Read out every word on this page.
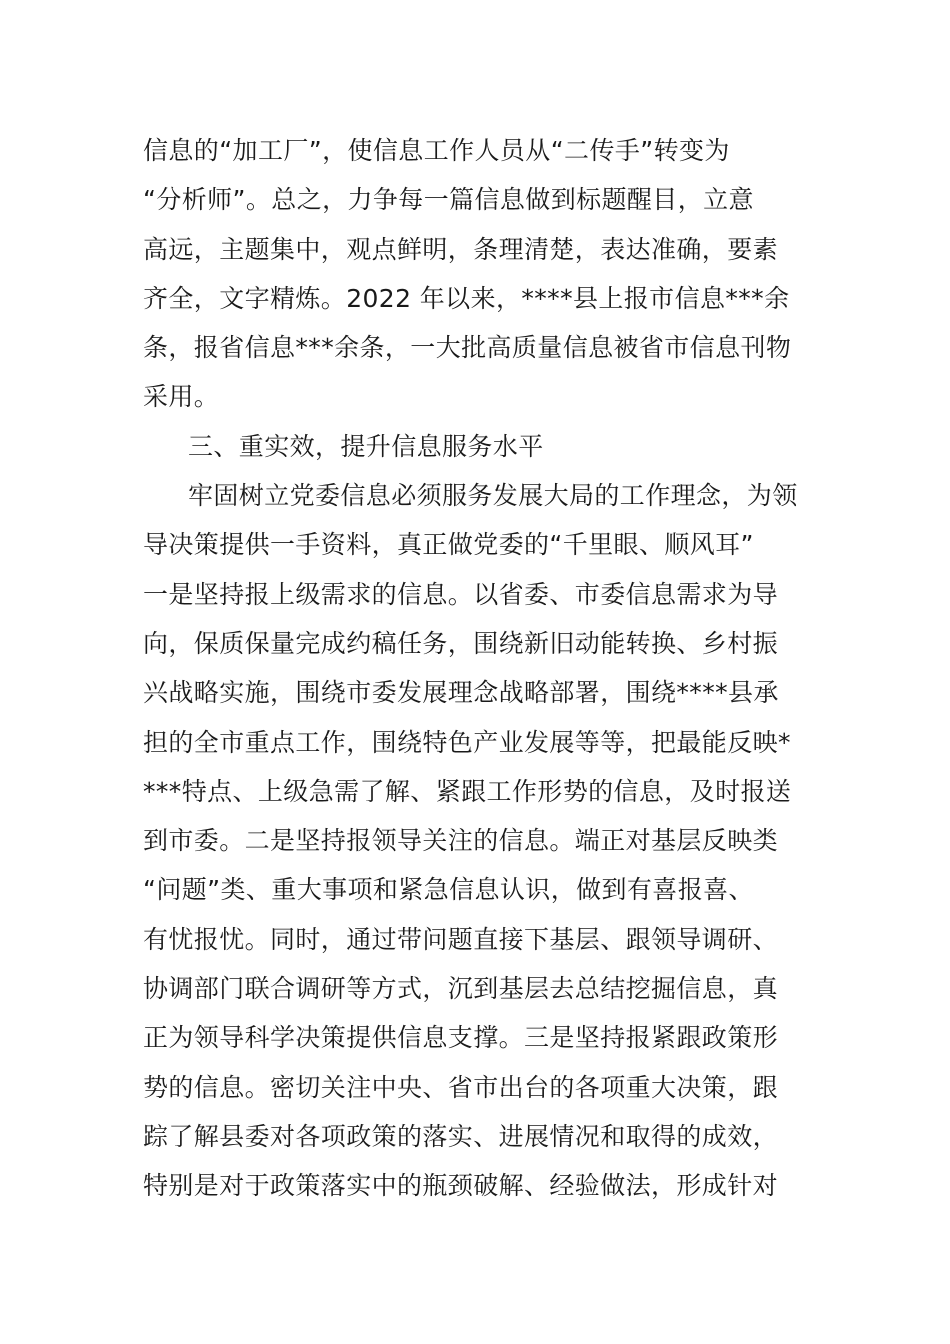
信息的“加工厂”，使信息工作人员从“二传手”转变为
“分析师”。总之，力争每一篇信息做到标题醒目，立意
高远，主题集中，观点鲜明，条理清楚，表达准确，要素
齐全，文字精炼。2022 年以来，****县上报市信息***余
条，报省信息***余条，一大批高质量信息被省市信息刊物
采用。
三、重实效，提升信息服务水平
牢固树立党委信息必须服务发展大局的工作理念，为领
导决策提供一手资料，真正做党委的“千里眼、顺风耳”
一是坚持报上级需求的信息。以省委、市委信息需求为导
向，保质保量完成约稿任务，围绕新旧动能转换、乡村振
兴战略实施，围绕市委发展理念战略部署，围绕****县承
担的全市重点工作，围绕特色产业发展等等，把最能反映*
***特点、上级急需了解、紧跟工作形势的信息，及时报送
到市委。二是坚持报领导关注的信息。端正对基层反映类
“问题”类、重大事项和紧急信息认识，做到有喜报喜、
有忧报忧。同时，通过带问题直接下基层、跟领导调研、
协调部门联合调研等方式，沉到基层去总结挖掘信息，真
正为领导科学决策提供信息支撑。三是坚持报紧跟政策形
势的信息。密切关注中央、省市出台的各项重大决策，跟
踪了解县委对各项政策的落实、进展情况和取得的成效，
特别是对于政策落实中的瓶颈破解、经验做法，形成针对
